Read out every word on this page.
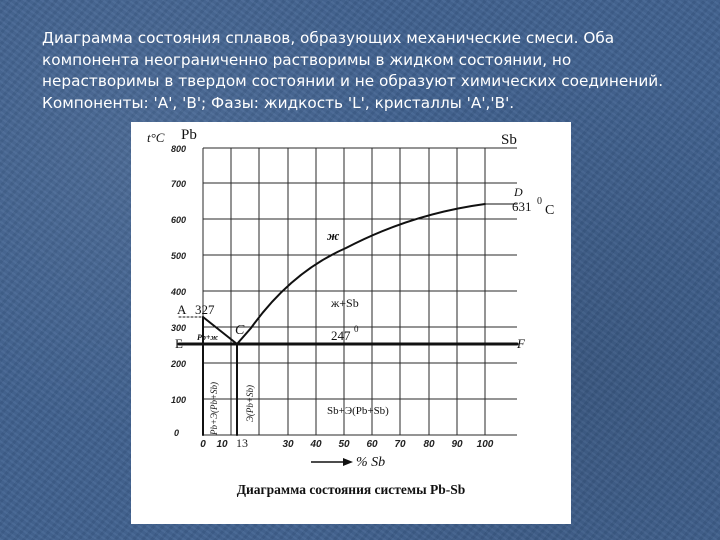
Диаграмма состояния сплавов, образующих механические смеси. Оба
компонента неограниченно растворимы в жидком состоянии, но
нерастворимы в твердом состоянии и не образуют химических соединений.
Компоненты: 'A', 'B'; Фазы: жидкость 'L', кристаллы 'A','B'.
800
700
600
500
400
300
200
100
0
0 10 13	30 40 50 60 70 80 90 100
t°C Pb	Sb
% Sb
A 327
E
C
D
631 0
C
F
247 0
ж
ж+Sb
Pb+ж
Pb+Э(Pb+Sb)	Э(Pb+Sb)	Sb+Э(Pb+Sb)
Диаграмма состояния системы Pb-Sb
